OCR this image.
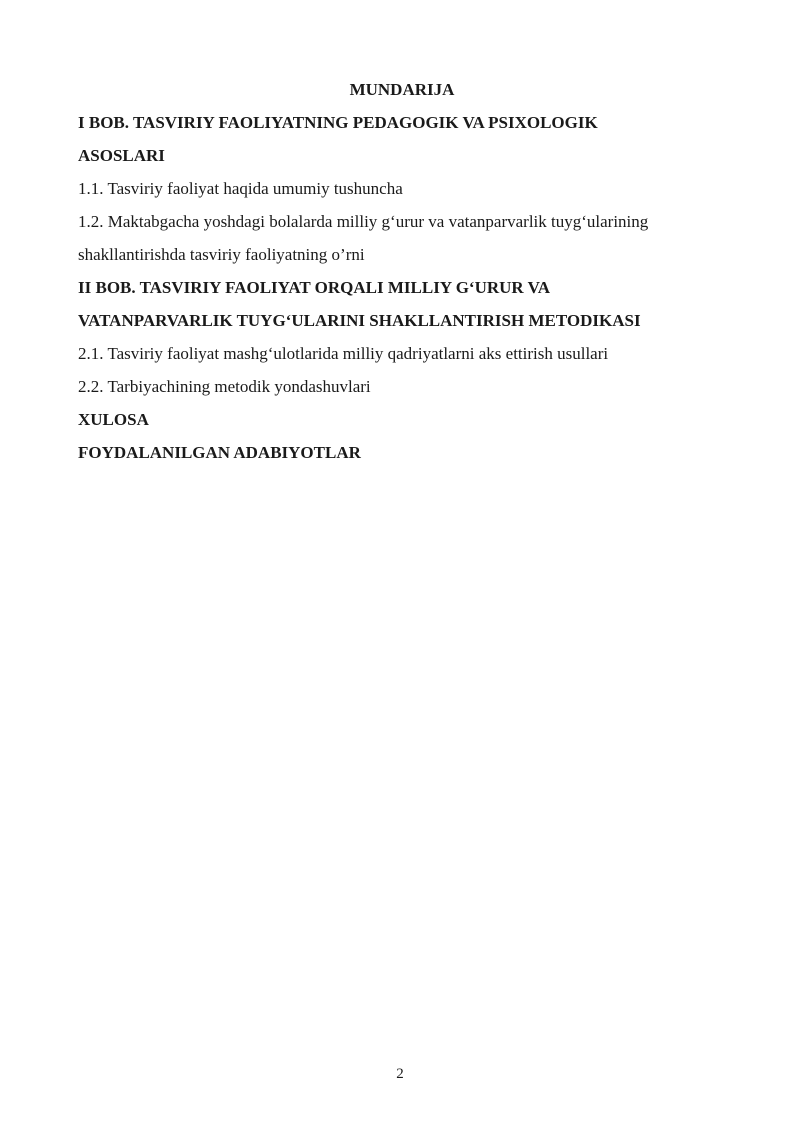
MUNDARIJA
I BOB. TASVIRIY FAOLIYATNING PEDAGOGIK VA PSIXOLOGIK
ASOSLARI
1.1. Tasviriy faoliyat haqida umumiy tushuncha
1.2. Maktabgacha yoshdagi bolalarda milliy g‘urur va vatanparvarlik tuyg‘ularining
shakllantirishda tasviriy faoliyatning o’rni
II BOB. TASVIRIY FAOLIYAT ORQALI MILLIY G‘URUR VA
VATANPARVARLIK TUYG‘ULARINI SHAKLLANTIRISH METODIKASI
2.1. Tasviriy faoliyat mashg‘ulotlarida milliy qadriyatlarni aks ettirish usullari
2.2. Tarbiyachining metodik yondashuvlari
XULOSA
FOYDALANILGAN ADABIYOTLAR
2
